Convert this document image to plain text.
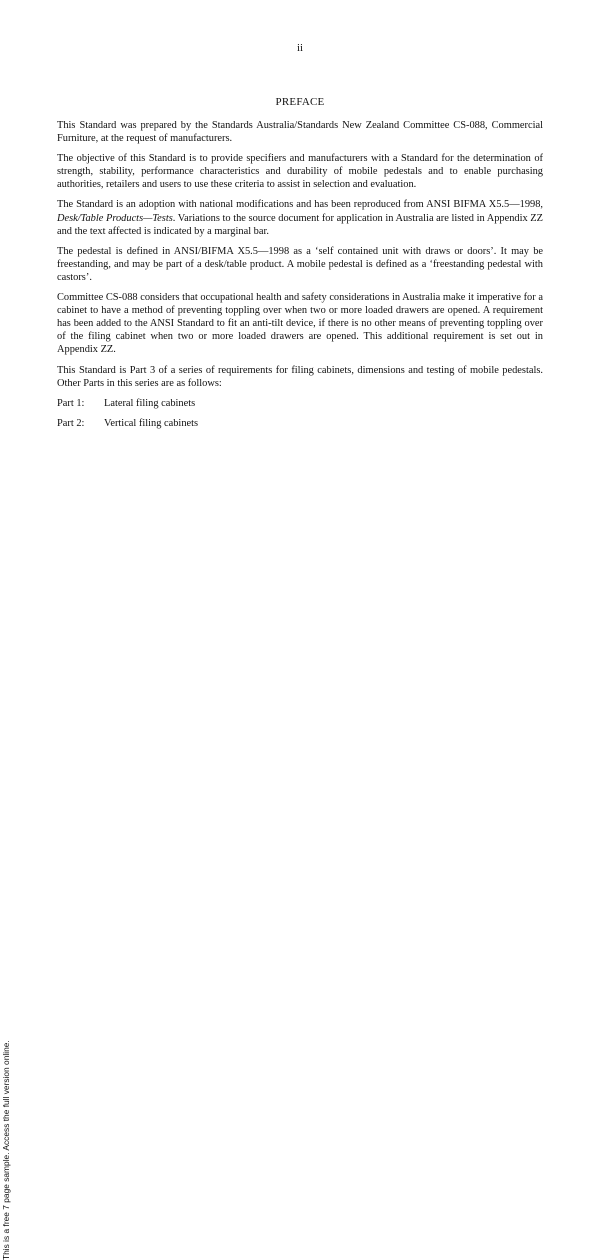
ii
This is a free 7 page sample. Access the full version online.
PREFACE

This Standard was prepared by the Standards Australia/Standards New Zealand Committee CS-088, Commercial Furniture, at the request of manufacturers.

The objective of this Standard is to provide specifiers and manufacturers with a Standard for the determination of strength, stability, performance characteristics and durability of mobile pedestals and to enable purchasing authorities, retailers and users to use these criteria to assist in selection and evaluation.

The Standard is an adoption with national modifications and has been reproduced from ANSI BIFMA X5.5—1998, Desk/Table Products—Tests. Variations to the source document for application in Australia are listed in Appendix ZZ and the text affected is indicated by a marginal bar.

The pedestal is defined in ANSI/BIFMA X5.5—1998 as a ‘self contained unit with draws or doors’. It may be freestanding, and may be part of a desk/table product. A mobile pedestal is defined as a ‘freestanding pedestal with castors’.

Committee CS-088 considers that occupational health and safety considerations in Australia make it imperative for a cabinet to have a method of preventing toppling over when two or more loaded drawers are opened. A requirement has been added to the ANSI Standard to fit an anti-tilt device, if there is no other means of preventing toppling over of the filing cabinet when two or more loaded drawers are opened. This additional requirement is set out in Appendix ZZ.

This Standard is Part 3 of a series of requirements for filing cabinets, dimensions and testing of mobile pedestals. Other Parts in this series are as follows:

Part 1:	Lateral filing cabinets
Part 2:	Vertical filing cabinets
